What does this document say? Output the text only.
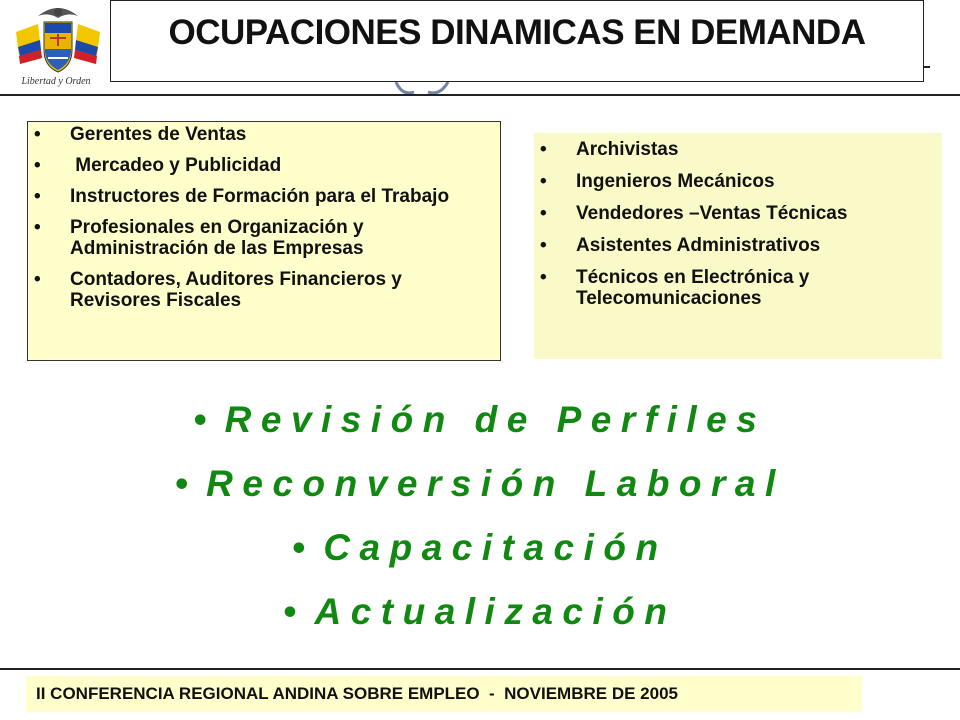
Libertad y Orden
OCUPACIONES DINAMICAS EN DEMANDA
• Gerentes de Ventas
•  Mercadeo y Publicidad
• Instructores de Formación para el Trabajo
• Profesionales en Organización y Administración de las Empresas
• Contadores, Auditores Financieros y Revisores Fiscales
• Archivistas
• Ingenieros Mecánicos
• Vendedores –Ventas Técnicas
• Asistentes Administrativos
• Técnicos en Electrónica y Telecomunicaciones
• Revisión de Perfiles
• Reconversión Laboral
• Capacitación
• Actualización
II CONFERENCIA REGIONAL ANDINA SOBRE EMPLEO  -  NOVIEMBRE DE 2005
